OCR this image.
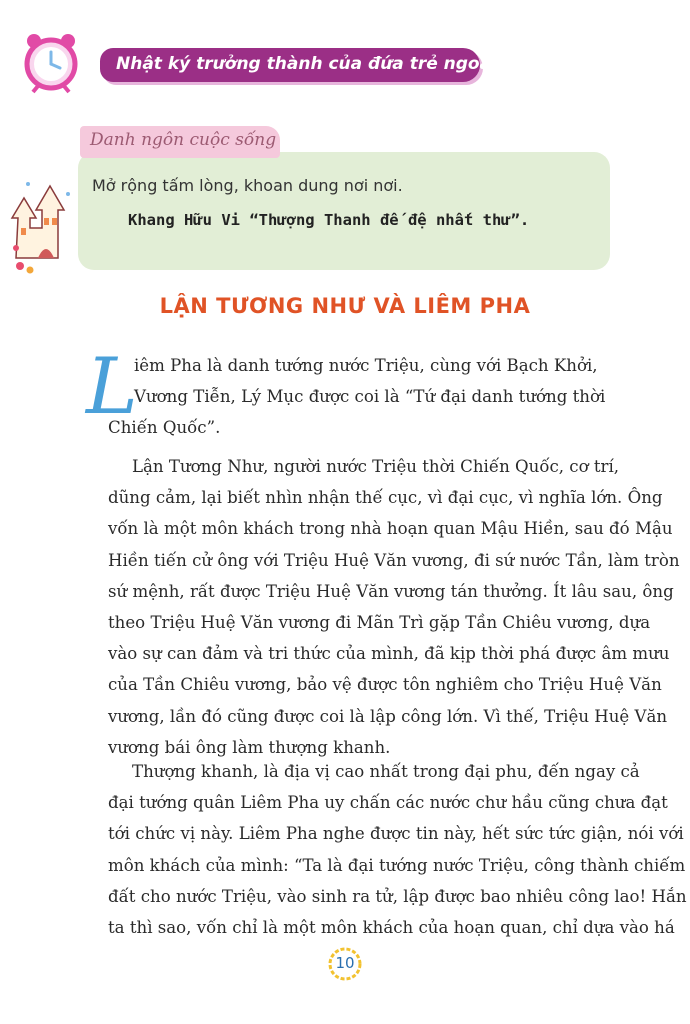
Nhật ký trưởng thành của đứa trẻ ngoan
Danh ngôn cuộc sống
Mở rộng tấm lòng, khoan dung nơi nơi.
Khang Hữu Vi “Thượng Thanh đế đệ nhất thư”.
LẬN TƯƠNG NHƯ VÀ LIÊM PHA
L
iêm Pha là danh tướng nước Triệu, cùng với Bạch Khởi,
Vương Tiễn, Lý Mục được coi là “Tứ đại danh tướng thời
Chiến Quốc”.
Lận Tương Như, người nước Triệu thời Chiến Quốc, cơ trí,
dũng cảm, lại biết nhìn nhận thế cục, vì đại cục, vì nghĩa lớn. Ông
vốn là một môn khách trong nhà hoạn quan Mậu Hiền, sau đó Mậu
Hiền tiến cử ông với Triệu Huệ Văn vương, đi sứ nước Tần, làm tròn
sứ mệnh, rất được Triệu Huệ Văn vương tán thưởng. Ít lâu sau, ông
theo Triệu Huệ Văn vương đi Mãn Trì gặp Tần Chiêu vương, dựa
vào sự can đảm và tri thức của mình, đã kịp thời phá được âm mưu
của Tần Chiêu vương, bảo vệ được tôn nghiêm cho Triệu Huệ Văn
vương, lần đó cũng được coi là lập công lớn. Vì thế, Triệu Huệ Văn
vương bái ông làm thượng khanh.
Thượng khanh, là địa vị cao nhất trong đại phu, đến ngay cả
đại tướng quân Liêm Pha uy chấn các nước chư hầu cũng chưa đạt
tới chức vị này. Liêm Pha nghe được tin này, hết sức tức giận, nói với
môn khách của mình: “Ta là đại tướng nước Triệu, công thành chiếm
đất cho nước Triệu, vào sinh ra tử, lập được bao nhiêu công lao! Hắn
ta thì sao, vốn chỉ là một môn khách của hoạn quan, chỉ dựa vào há
10
